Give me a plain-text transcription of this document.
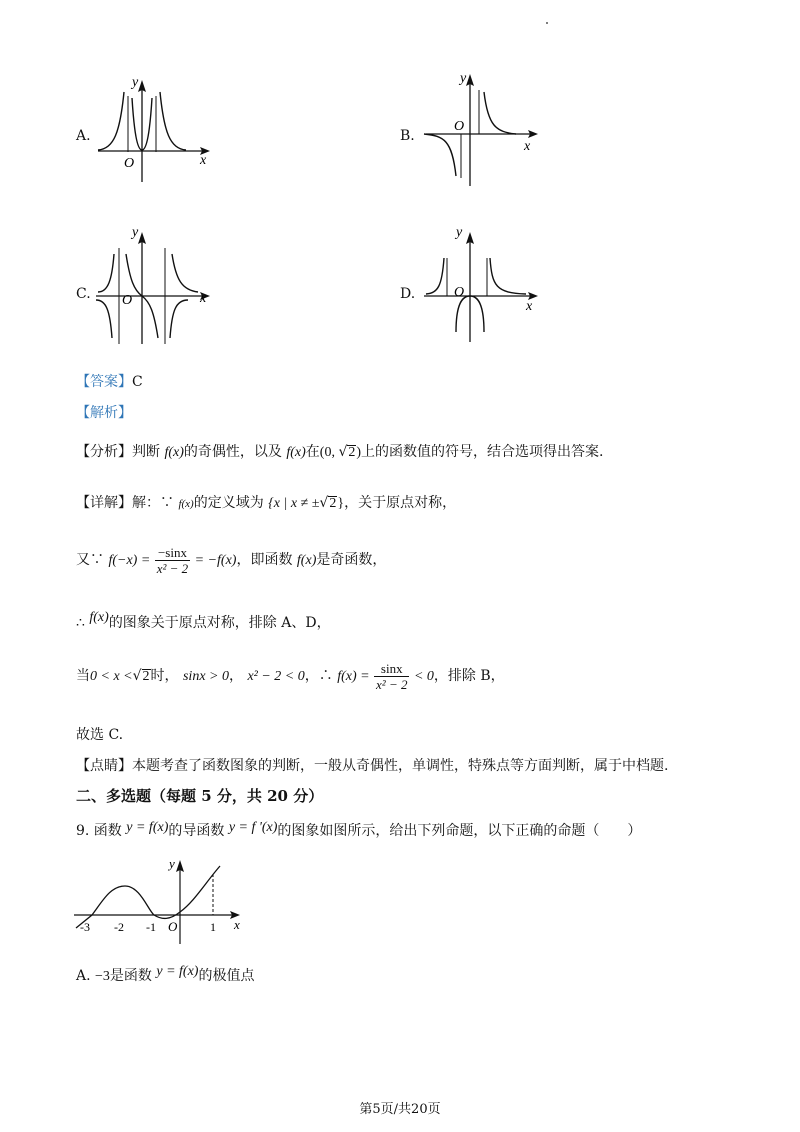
A.
y
x
O
B.
y
x
O
C.
y
x
O	D.
y
x
O
【答案】C
【解析】
【分析】判断 f(x)的奇偶性，以及 f(x)在(0, √2)上的函数值的符号，结合选项得出答案.
【详解】解：∵ f(x)的定义域为 {x | x ≠ ±√2}，关于原点对称，
又∵ $f(-x) = \frac{-\sin x}{\text{x² − 2}} = -f(x)$，即函数 f(x)是奇函数，
∴ f(x)的图象关于原点对称，排除 A、D，
当0 < x <√2时， sinx > 0， x² − 2 < 0，∴ $f(x) = \frac{\sin x}{\text{x² − 2}} < 0$，排除 B，
故选 C.
【点睛】本题考查了函数图象的判断，一般从奇偶性，单调性，特殊点等方面判断，属于中档题.
二、多选题（每题 5 分，共 20 分）
9. 函数 y = f(x)的导函数 y = f '(x)的图象如图所示，给出下列命题，以下正确的命题（　　）
y
x
O
-3 -2 -1	1
A. −3是函数 y = f(x)的极值点
第5页/共20页
